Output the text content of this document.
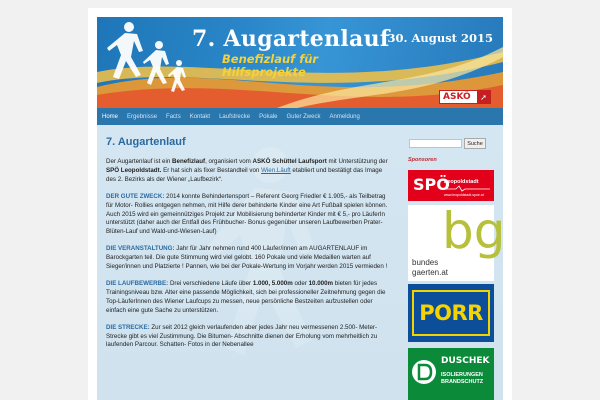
7. Augartenlauf
Benefizlauf für
Hilfsprojekte
30. August 2015
ASKÖ ➚
Home Ergebnisse Facts Kontakt Laufstrecke Pokale Guter Zweck Anmeldung
7. Augartenlauf

Der Augartenlauf ist ein Benefizlauf, organisiert vom ASKÖ Schüttel Laufsport mit Unterstützung der SPÖ Leopoldstadt. Er hat sich als fixer Bestandteil von Wien.Läuft etabliert und bestätigt das Image des 2. Bezirks als der Wiener „Laufbezirk“.

DER GUTE ZWECK: 2014 konnte Behindertensport – Referent Georg Friedler € 1.905,- als Teilbetrag für Motor- Rollies entgegen nehmen, mit Hilfe derer behinderte Kinder eine Art Fußball spielen können. Auch 2015 wird ein gemeinnütziges Projekt zur Mobilisierung behinderter Kinder mit € 5,- pro LäuferIn unterstützt (daher auch der Entfall des Frühbucher- Bonus gegenüber unseren Laufbewerben Prater-Blüten-Lauf und Wald-und-Wiesen-Lauf)

DIE VERANSTALTUNG: Jahr für Jahr nehmen rund 400 Läufer/innen am AUGARTENLAUF im Barockgarten teil. Die gute Stimmung wird viel gelobt. 160 Pokale und viele Medaillen warten auf Sieger/innen und Platzierte ! Pannen, wie bei der Pokale-Wertung im Vorjahr werden 2015 vermieden !

DIE LAUFBEWERBE: Drei verschiedene Läufe über 1.000, 5.000m oder 10.000m bieten für jedes Trainingsniveau bzw. Alter eine passende Möglichkeit, sich bei professioneller Zeitnehmung gegen die Top-LäuferInnen des Wiener Laufcups zu messen, neue persönliche Bestzeiten aufzustellen oder einfach eine gute Sache zu unterstützen.

DIE STRECKE: Zur seit 2012 gleich verlaufenden aber jedes Jahr neu vermessenen 2.500- Meter- Strecke gibt es viel Zustimmung. Die Bitumen- Abschnitte dienen der Erholung vom mehrheitlich zu laufenden Parcour. Schatten- Fotos in der Nebenallee

Suche
Sponsoren
SPÖ
Leopoldstadt
www.leopoldstadt.spoe.at
bg
bundes
gaerten.at
PORR
DUSCHEK
ISOLIERUNGEN
BRANDSCHUTZ
